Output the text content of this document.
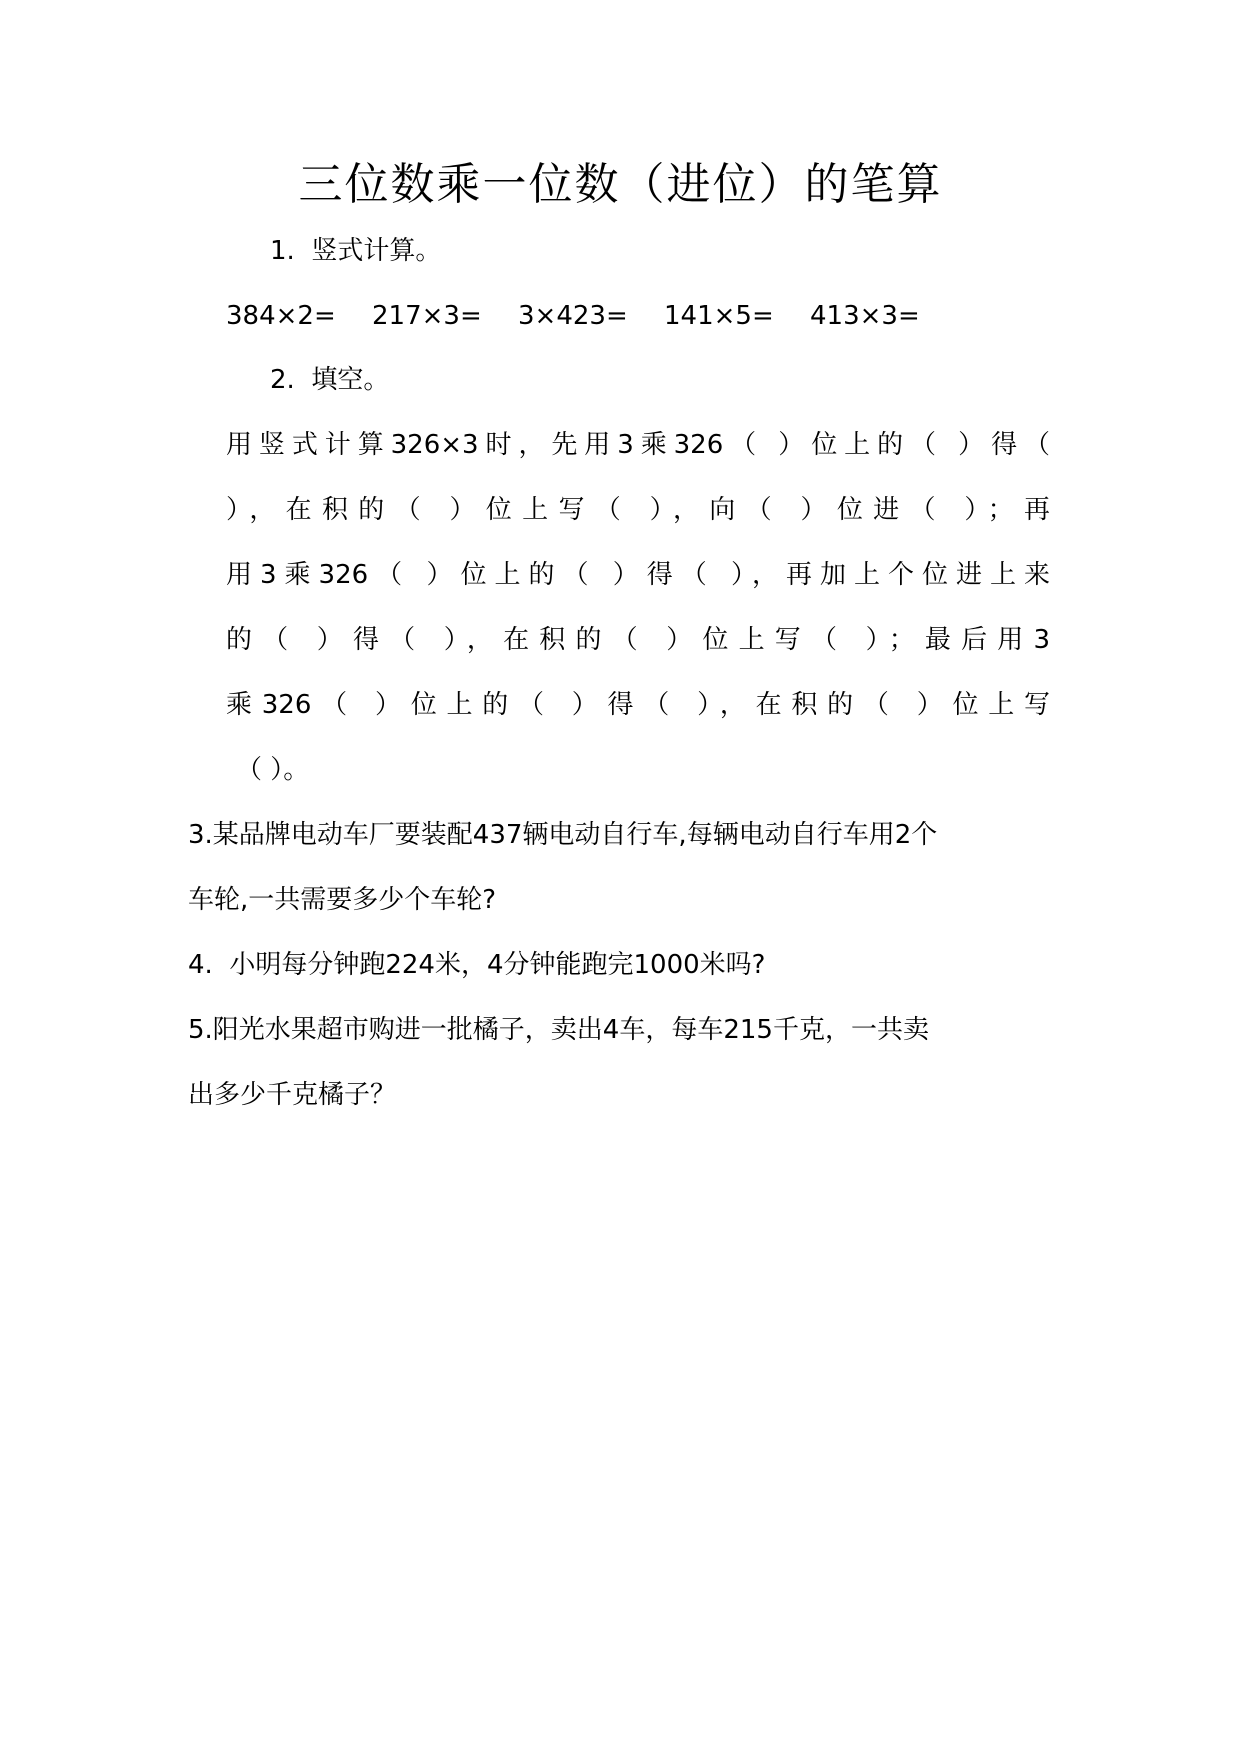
三位数乘一位数（进位）的笔算
1.  竖式计算。
384×2= 217×3= 3×423= 141×5= 413×3=
2.  填空。
用竖式计算326×3时，先用3乘326（ ）位上的（ ）得（
），在积的（ ）位上写（ ），向（ ）位进（ ）；再
用3乘326（ ）位上的（ ）得（ ），再加上个位进上来
的（ ）得（ ），在积的（ ）位上写（ ）；最后用3
乘326（ ）位上的（ ）得（ ），在积的（ ）位上写
（ ）。
3.某品牌电动车厂要装配437辆电动自行车,每辆电动自行车用2个
车轮,一共需要多少个车轮?
4.  小明每分钟跑224米，4分钟能跑完1000米吗?
5.阳光水果超市购进一批橘子，卖出4车，每车215千克，一共卖
出多少千克橘子？
